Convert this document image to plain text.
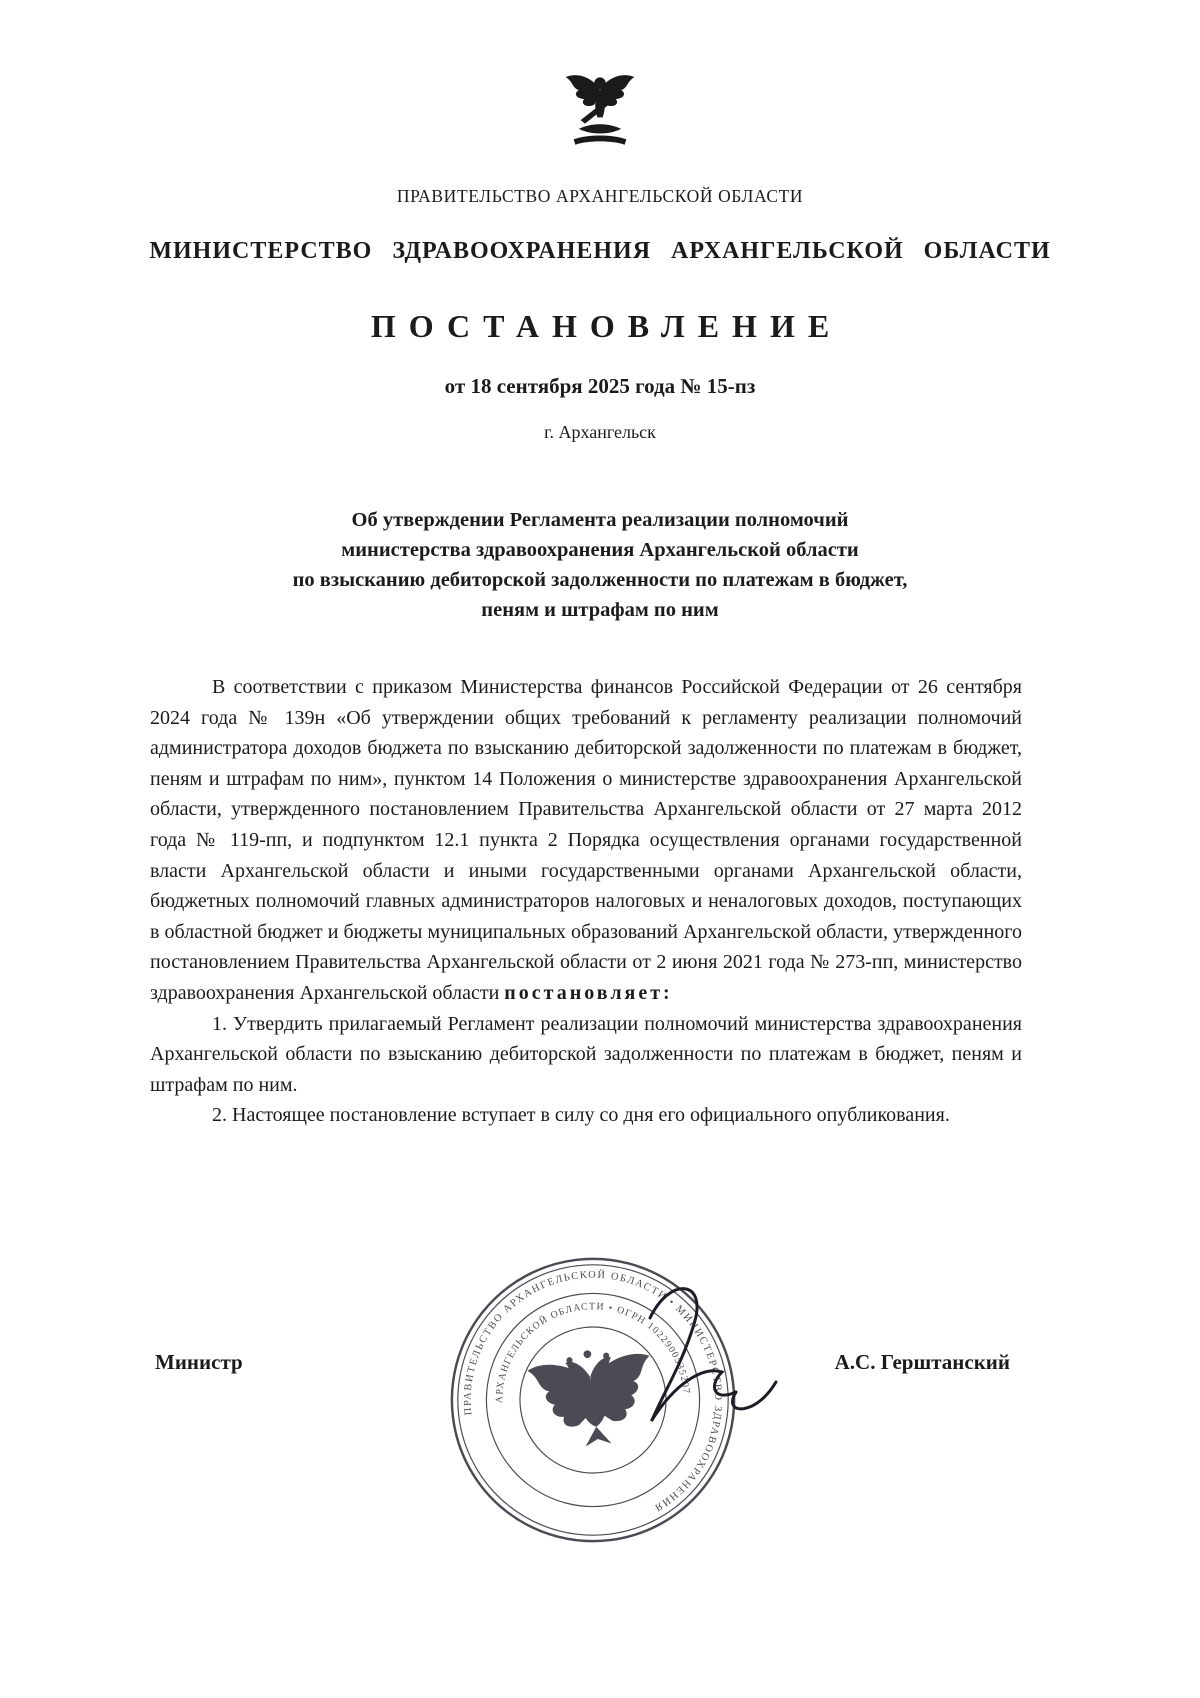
ПРАВИТЕЛЬСТВО АРХАНГЕЛЬСКОЙ ОБЛАСТИ
МИНИСТЕРСТВО ЗДРАВООХРАНЕНИЯ АРХАНГЕЛЬСКОЙ ОБЛАСТИ
ПОСТАНОВЛЕНИЕ
от 18 сентября 2025 года № 15-пз
г. Архангельск
Об утверждении Регламента реализации полномочий
министерства здравоохранения Архангельской области
по взысканию дебиторской задолженности по платежам в бюджет,
пеням и штрафам по ним

В соответствии с приказом Министерства финансов Российской Федерации от 26 сентября 2024 года № 139н «Об утверждении общих требований к регламенту реализации полномочий администратора доходов бюджета по взысканию дебиторской задолженности по платежам в бюджет, пеням и штрафам по ним», пунктом 14 Положения о министерстве здравоохранения Архангельской области, утвержденного постановлением Правительства Архангельской области от 27 марта 2012 года № 119-пп, и подпунктом 12.1 пункта 2 Порядка осуществления органами государственной власти Архангельской области и иными государственными органами Архангельской области, бюджетных полномочий главных администраторов налоговых и неналоговых доходов, поступающих в областной бюджет и бюджеты муниципальных образований Архангельской области, утвержденного постановлением Правительства Архангельской области от 2 июня 2021 года № 273-пп, министерство здравоохранения Архангельской области постановляет:

1. Утвердить прилагаемый Регламент реализации полномочий министерства здравоохранения Архангельской области по взысканию дебиторской задолженности по платежам в бюджет, пеням и штрафам по ним.

2. Настоящее постановление вступает в силу со дня его официального опубликования.

Министр	А.С. Герштанский
ПРАВИТЕЛЬСТВО АРХАНГЕЛЬСКОЙ ОБЛАСТИ • МИНИСТЕРСТВО ЗДРАВООХРАНЕНИЯ
АРХАНГЕЛЬСКОЙ ОБЛАСТИ • ОГРН 1022900535207
